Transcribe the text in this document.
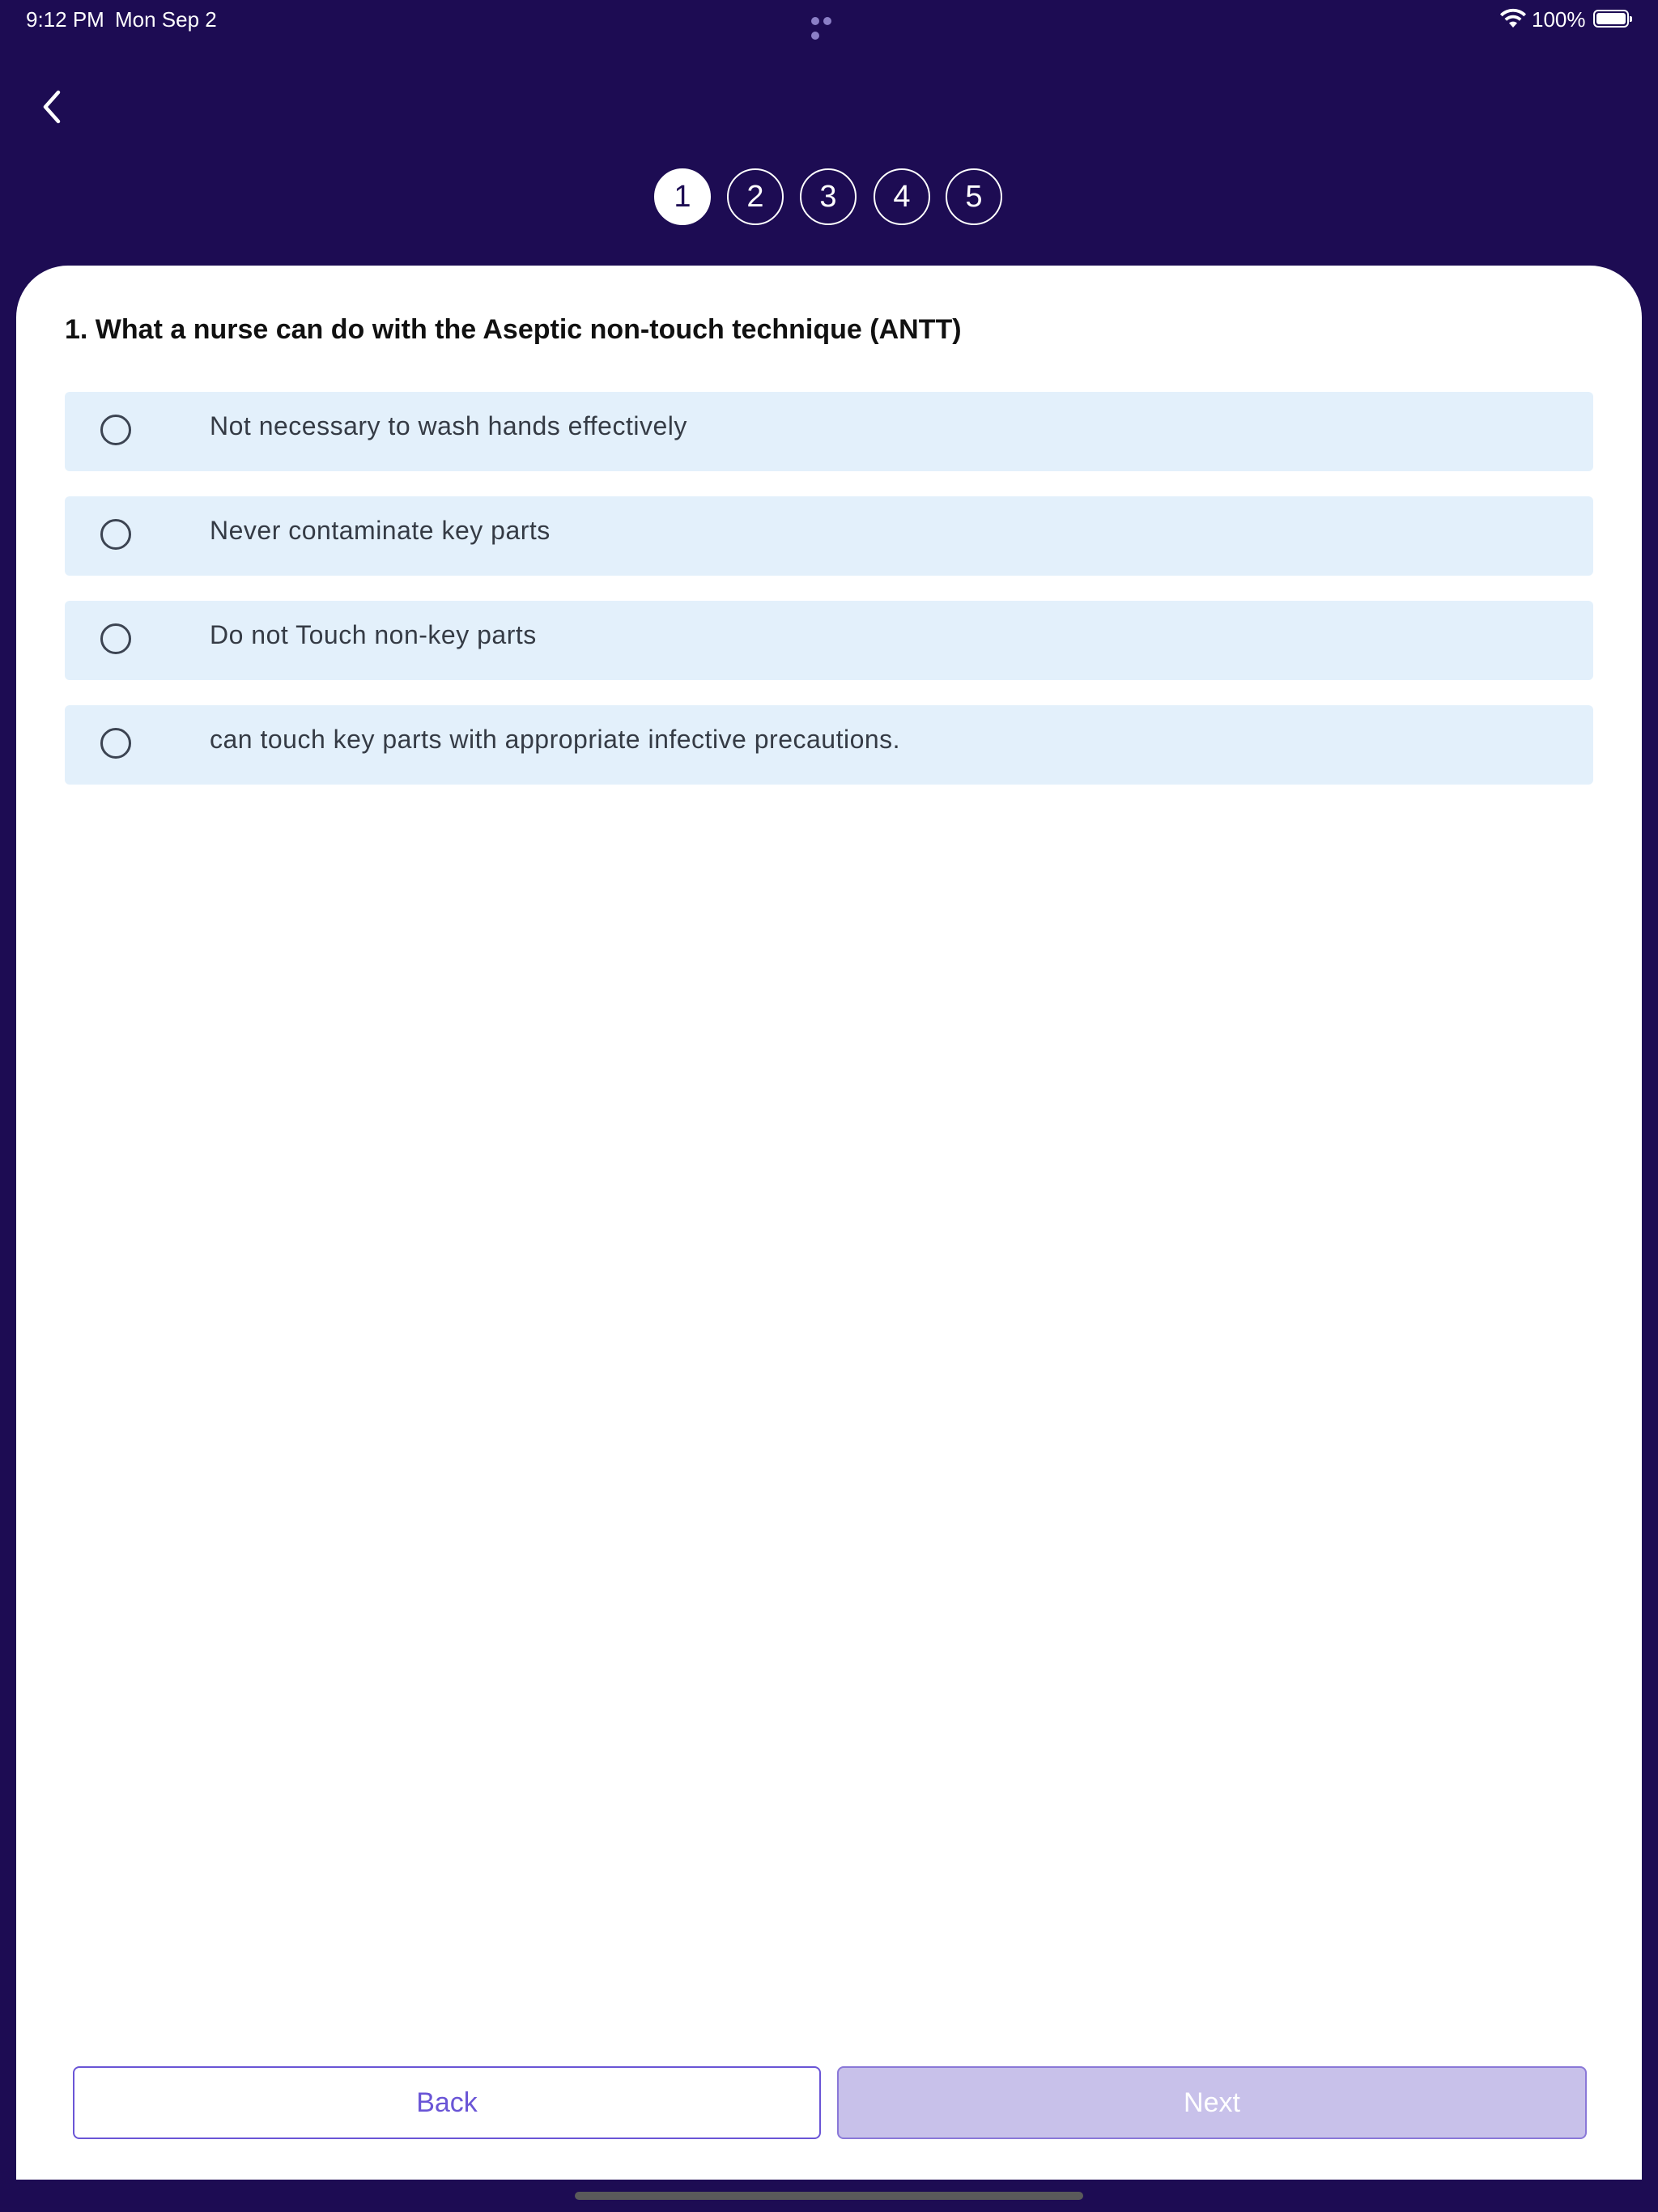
9:12 PM Mon Sep 2	100%
1	2	3	4	5
1. What a nurse can do with the Aseptic non-touch technique (ANTT)
Not necessary to wash hands effectively
Never contaminate key parts
Do not Touch non-key parts
can touch key parts with appropriate infective precautions.
Back	Next
